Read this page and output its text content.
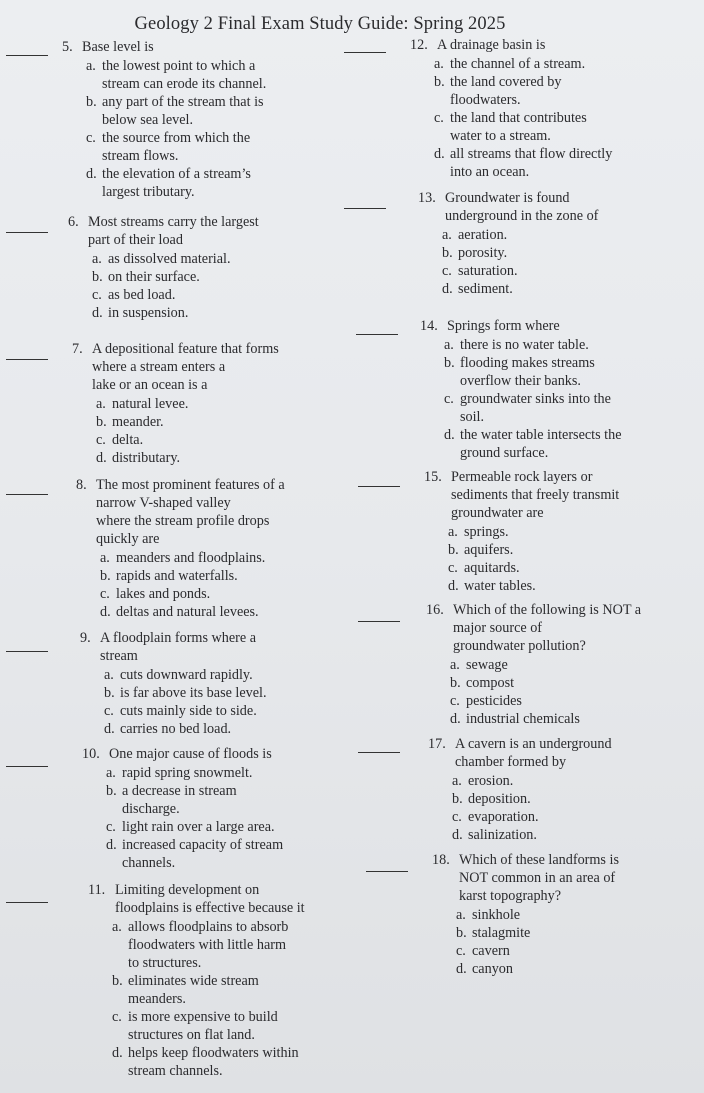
Geology 2 Final Exam Study Guide: Spring 2025
5. Base level is
a. the lowest point to which a
stream can erode its channel.
b. any part of the stream that is
below sea level.
c. the source from which the
stream flows.
d. the elevation of a stream’s
largest tributary.
6. Most streams carry the largest
part of their load
a. as dissolved material.
b. on their surface.
c. as bed load.
d. in suspension.
7. A depositional feature that forms
where a stream enters a
lake or an ocean is a
a. natural levee.
b. meander.
c. delta.
d. distributary.
8. The most prominent features of a
narrow V-shaped valley
where the stream profile drops
quickly are
a. meanders and floodplains.
b. rapids and waterfalls.
c. lakes and ponds.
d. deltas and natural levees.
9. A floodplain forms where a
stream
a. cuts downward rapidly.
b. is far above its base level.
c. cuts mainly side to side.
d. carries no bed load.
10. One major cause of floods is
a. rapid spring snowmelt.
b. a decrease in stream
discharge.
c. light rain over a large area.
d. increased capacity of stream
channels.
11. Limiting development on
floodplains is effective because it
a. allows floodplains to absorb
floodwaters with little harm
to structures.
b. eliminates wide stream
meanders.
c. is more expensive to build
structures on flat land.
d. helps keep floodwaters within
stream channels.
12. A drainage basin is
a. the channel of a stream.
b. the land covered by
floodwaters.
c. the land that contributes
water to a stream.
d. all streams that flow directly
into an ocean.
13. Groundwater is found
underground in the zone of
a. aeration.
b. porosity.
c. saturation.
d. sediment.
14. Springs form where
a. there is no water table.
b. flooding makes streams
overflow their banks.
c. groundwater sinks into the
soil.
d. the water table intersects the
ground surface.
15. Permeable rock layers or
sediments that freely transmit
groundwater are
a. springs.
b. aquifers.
c. aquitards.
d. water tables.
16. Which of the following is NOT a
major source of
groundwater pollution?
a. sewage
b. compost
c. pesticides
d. industrial chemicals
17. A cavern is an underground
chamber formed by
a. erosion.
b. deposition.
c. evaporation.
d. salinization.
18. Which of these landforms is
NOT common in an area of
karst topography?
a. sinkhole
b. stalagmite
c. cavern
d. canyon
